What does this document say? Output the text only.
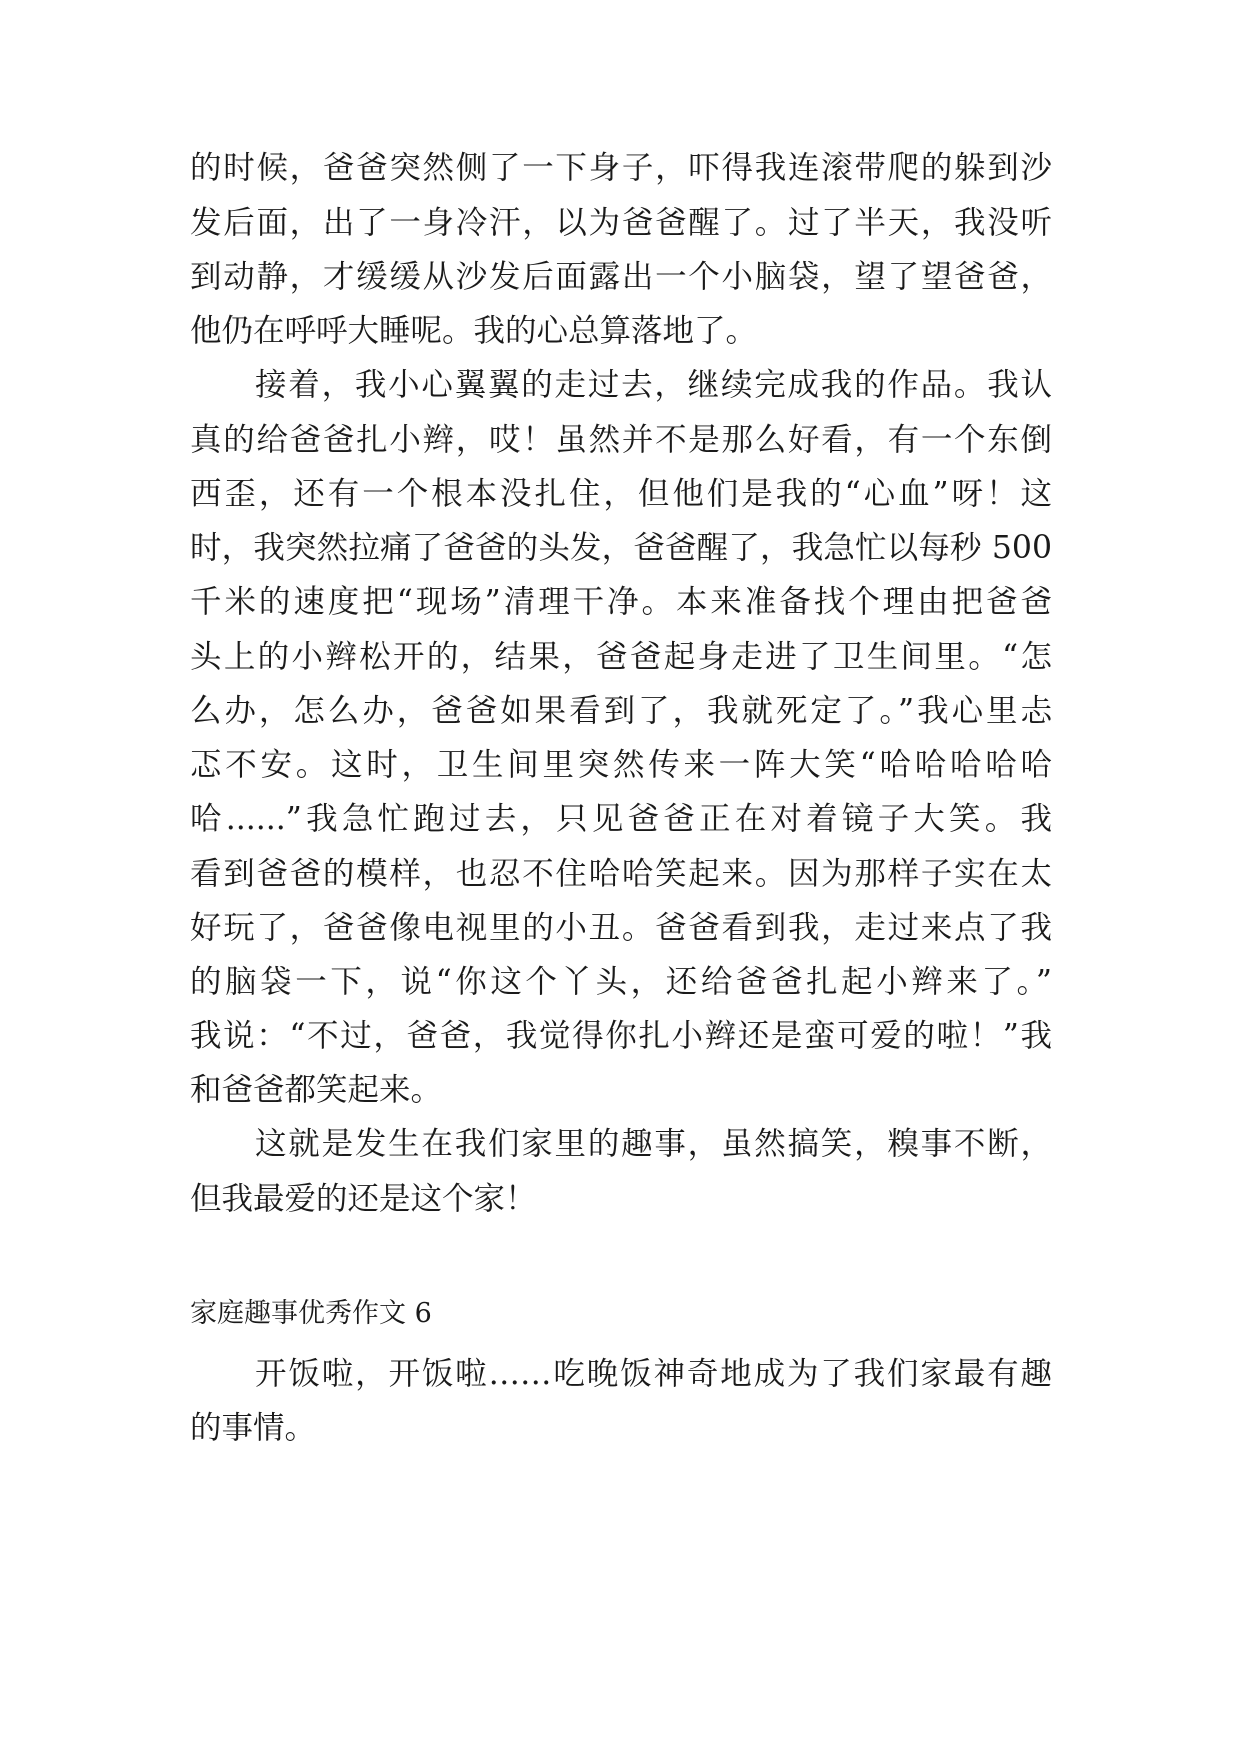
的时候，爸爸突然侧了一下身子，吓得我连滚带爬的躲到沙
发后面，出了一身冷汗，以为爸爸醒了。过了半天，我没听
到动静，才缓缓从沙发后面露出一个小脑袋，望了望爸爸，
他仍在呼呼大睡呢。我的心总算落地了。
接着，我小心翼翼的走过去，继续完成我的作品。我认
真的给爸爸扎小辫，哎！虽然并不是那么好看，有一个东倒
西歪，还有一个根本没扎住，但他们是我的“心血”呀！这
时，我突然拉痛了爸爸的头发，爸爸醒了，我急忙以每秒 500
千米的速度把“现场”清理干净。本来准备找个理由把爸爸
头上的小辫松开的，结果，爸爸起身走进了卫生间里。“怎
么办，怎么办，爸爸如果看到了，我就死定了。”我心里忐
忑不安。这时，卫生间里突然传来一阵大笑“哈哈哈哈哈
哈......”我急忙跑过去，只见爸爸正在对着镜子大笑。我
看到爸爸的模样，也忍不住哈哈笑起来。因为那样子实在太
好玩了，爸爸像电视里的小丑。爸爸看到我，走过来点了我
的脑袋一下，说“你这个丫头，还给爸爸扎起小辫来了。”
我说：“不过，爸爸，我觉得你扎小辫还是蛮可爱的啦！”我
和爸爸都笑起来。
这就是发生在我们家里的趣事，虽然搞笑，糗事不断，
但我最爱的还是这个家！
家庭趣事优秀作文 6
开饭啦，开饭啦……吃晚饭神奇地成为了我们家最有趣
的事情。
